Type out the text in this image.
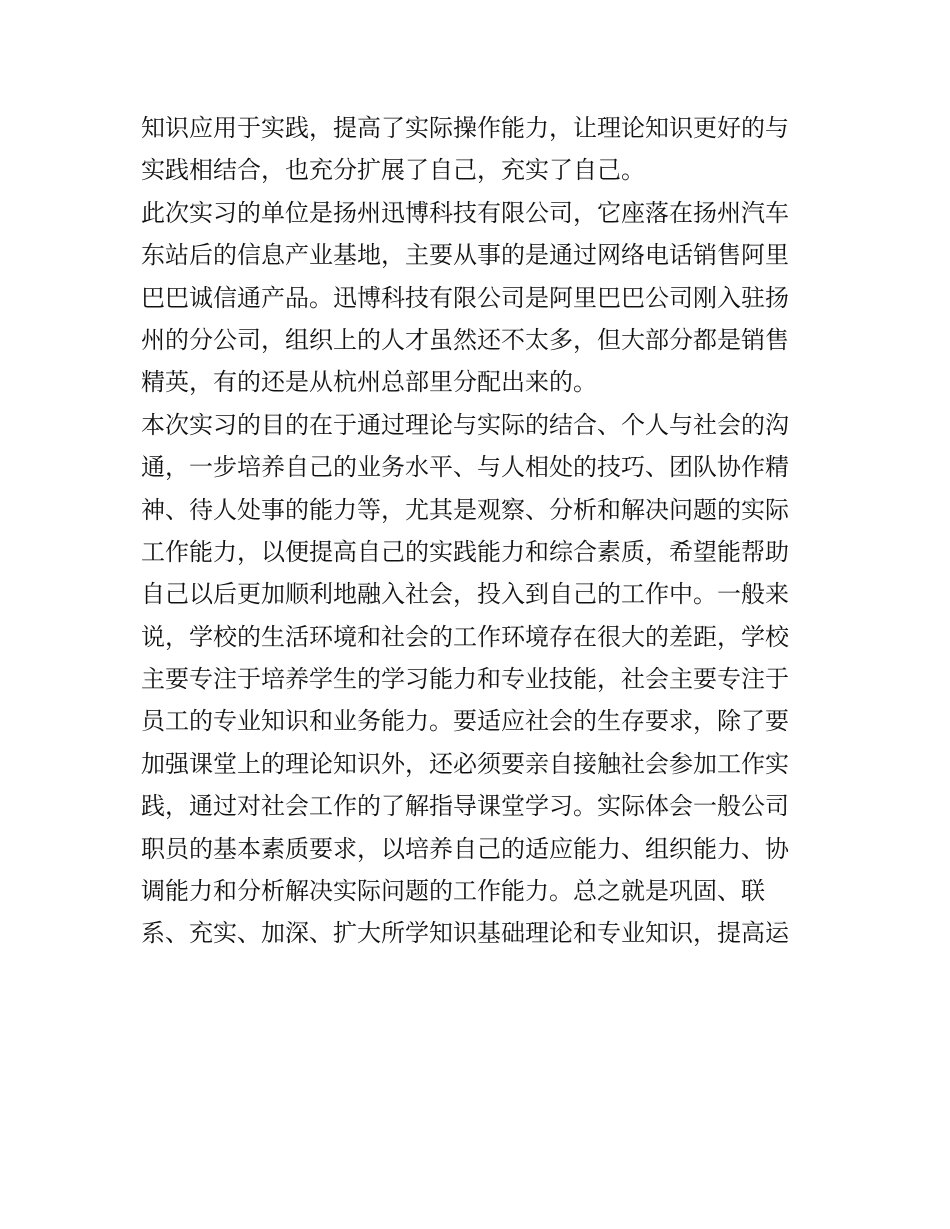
知识应用于实践，提高了实际操作能力，让理论知识更好的与
实践相结合，也充分扩展了自己，充实了自己。
此次实习的单位是扬州迅博科技有限公司，它座落在扬州汽车
东站后的信息产业基地，主要从事的是通过网络电话销售阿里
巴巴诚信通产品。迅博科技有限公司是阿里巴巴公司刚入驻扬
州的分公司，组织上的人才虽然还不太多，但大部分都是销售
精英，有的还是从杭州总部里分配出来的。
本次实习的目的在于通过理论与实际的结合、个人与社会的沟
通，一步培养自己的业务水平、与人相处的技巧、团队协作精
神、待人处事的能力等，尤其是观察、分析和解决问题的实际
工作能力，以便提高自己的实践能力和综合素质，希望能帮助
自己以后更加顺利地融入社会，投入到自己的工作中。一般来
说，学校的生活环境和社会的工作环境存在很大的差距，学校
主要专注于培养学生的学习能力和专业技能，社会主要专注于
员工的专业知识和业务能力。要适应社会的生存要求，除了要
加强课堂上的理论知识外，还必须要亲自接触社会参加工作实
践，通过对社会工作的了解指导课堂学习。实际体会一般公司
职员的基本素质要求，以培养自己的适应能力、组织能力、协
调能力和分析解决实际问题的工作能力。总之就是巩固、联
系、充实、加深、扩大所学知识基础理论和专业知识，提高运
